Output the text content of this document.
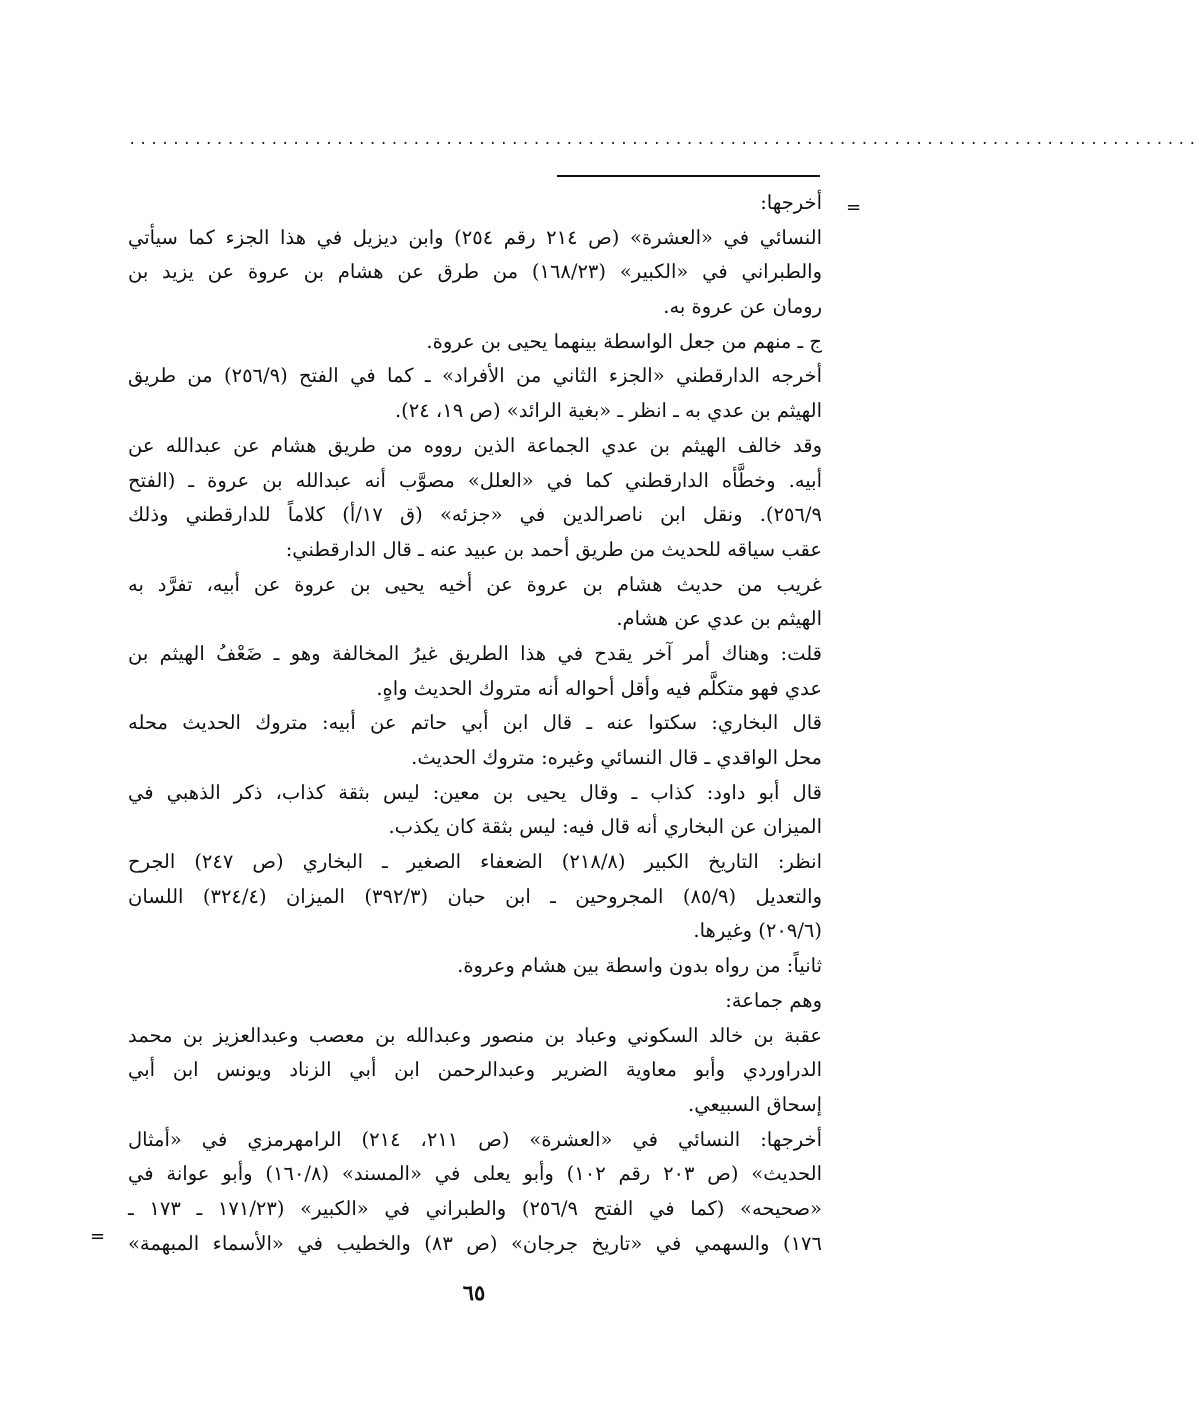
··································································································
=
=
أخرجها:
النسائي في «العشرة» (ص ٢١٤ رقم ٢٥٤) وابن ديزيل في هذا الجزء كما سيأتي
والطبراني في «الكبير» (١٦٨/٢٣) من طرق عن هشام بن عروة عن يزيد بن
رومان عن عروة به.
ج ـ منهم من جعل الواسطة بينهما يحيى بن عروة.
أخرجه الدارقطني «الجزء الثاني من الأفراد» ـ كما في الفتح (٢٥٦/٩) من طريق
الهيثم بن عدي به ـ انظر ـ «بغية الرائد» (ص ١٩، ٢٤).
وقد خالف الهيثم بن عدي الجماعة الذين رووه من طريق هشام عن عبدالله عن
أبيه. وخطَّأه الدارقطني كما في «العلل» مصوَّب أنه عبدالله بن عروة ـ (الفتح
٢٥٦/٩). ونقل ابن ناصرالدين في «جزئه» (ق ١٧/أ) كلاماً للدارقطني وذلك
عقب سياقه للحديث من طريق أحمد بن عبيد عنه ـ قال الدارقطني:
غريب من حديث هشام بن عروة عن أخيه يحيى بن عروة عن أبيه، تفرَّد به
الهيثم بن عدي عن هشام.
قلت: وهناك أمر آخر يقدح في هذا الطريق غيرُ المخالفة وهو ـ ضَعْفُ الهيثم بن
عدي فهو متكلَّم فيه وأقل أحواله أنه متروك الحديث واهٍ.
قال البخاري: سكتوا عنه ـ قال ابن أبي حاتم عن أبيه: متروك الحديث محله
محل الواقدي ـ قال النسائي وغيره: متروك الحديث.
قال أبو داود: كذاب ـ وقال يحيى بن معين: ليس بثقة كذاب، ذكر الذهبي في
الميزان عن البخاري أنه قال فيه: ليس بثقة كان يكذب.
انظر: التاريخ الكبير (٢١٨/٨) الضعفاء الصغير ـ البخاري (ص ٢٤٧) الجرح
والتعديل (٨٥/٩) المجروحين ـ ابن حبان (٣٩٢/٣) الميزان (٣٢٤/٤) اللسان
(٢٠٩/٦) وغيرها.
ثانياً: من رواه بدون واسطة بين هشام وعروة.
وهم جماعة:
عقبة بن خالد السكوني وعباد بن منصور وعبدالله بن معصب وعبدالعزيز بن محمد
الدراوردي وأبو معاوية الضرير وعبدالرحمن ابن أبي الزناد ويونس ابن أبي
إسحاق السبيعي.
أخرجها: النسائي في «العشرة» (ص ٢١١، ٢١٤) الرامهرمزي في «أمثال
الحديث» (ص ٢٠٣ رقم ١٠٢) وأبو يعلى في «المسند» (١٦٠/٨) وأبو عوانة في
«صحيحه» (كما في الفتح ٢٥٦/٩) والطبراني في «الكبير» (١٧١/٢٣ ـ ١٧٣ ـ
١٧٦) والسهمي في «تاريخ جرجان» (ص ٨٣) والخطيب في «الأسماء المبهمة»
٦٥
